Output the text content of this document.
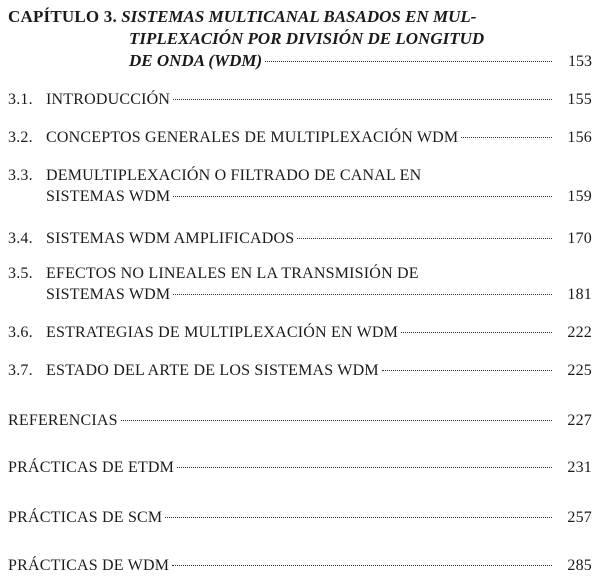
CAPÍTULO 3. SISTEMAS MULTICANAL BASADOS EN MUL-
TIPLEXACIÓN POR DIVISIÓN DE LONGITUD
DE ONDA (WDM)	153
3.1. INTRODUCCIÓN	155
3.2. CONCEPTOS GENERALES DE MULTIPLEXACIÓN WDM	156
3.3. DEMULTIPLEXACIÓN O FILTRADO DE CANAL EN
SISTEMAS WDM	159
3.4. SISTEMAS WDM AMPLIFICADOS	170
3.5. EFECTOS NO LINEALES EN LA TRANSMISIÓN DE
SISTEMAS WDM	181
3.6. ESTRATEGIAS DE MULTIPLEXACIÓN EN WDM	222
3.7. ESTADO DEL ARTE DE LOS SISTEMAS WDM	225
REFERENCIAS	227
PRÁCTICAS DE ETDM	231
PRÁCTICAS DE SCM	257
PRÁCTICAS DE WDM	285
